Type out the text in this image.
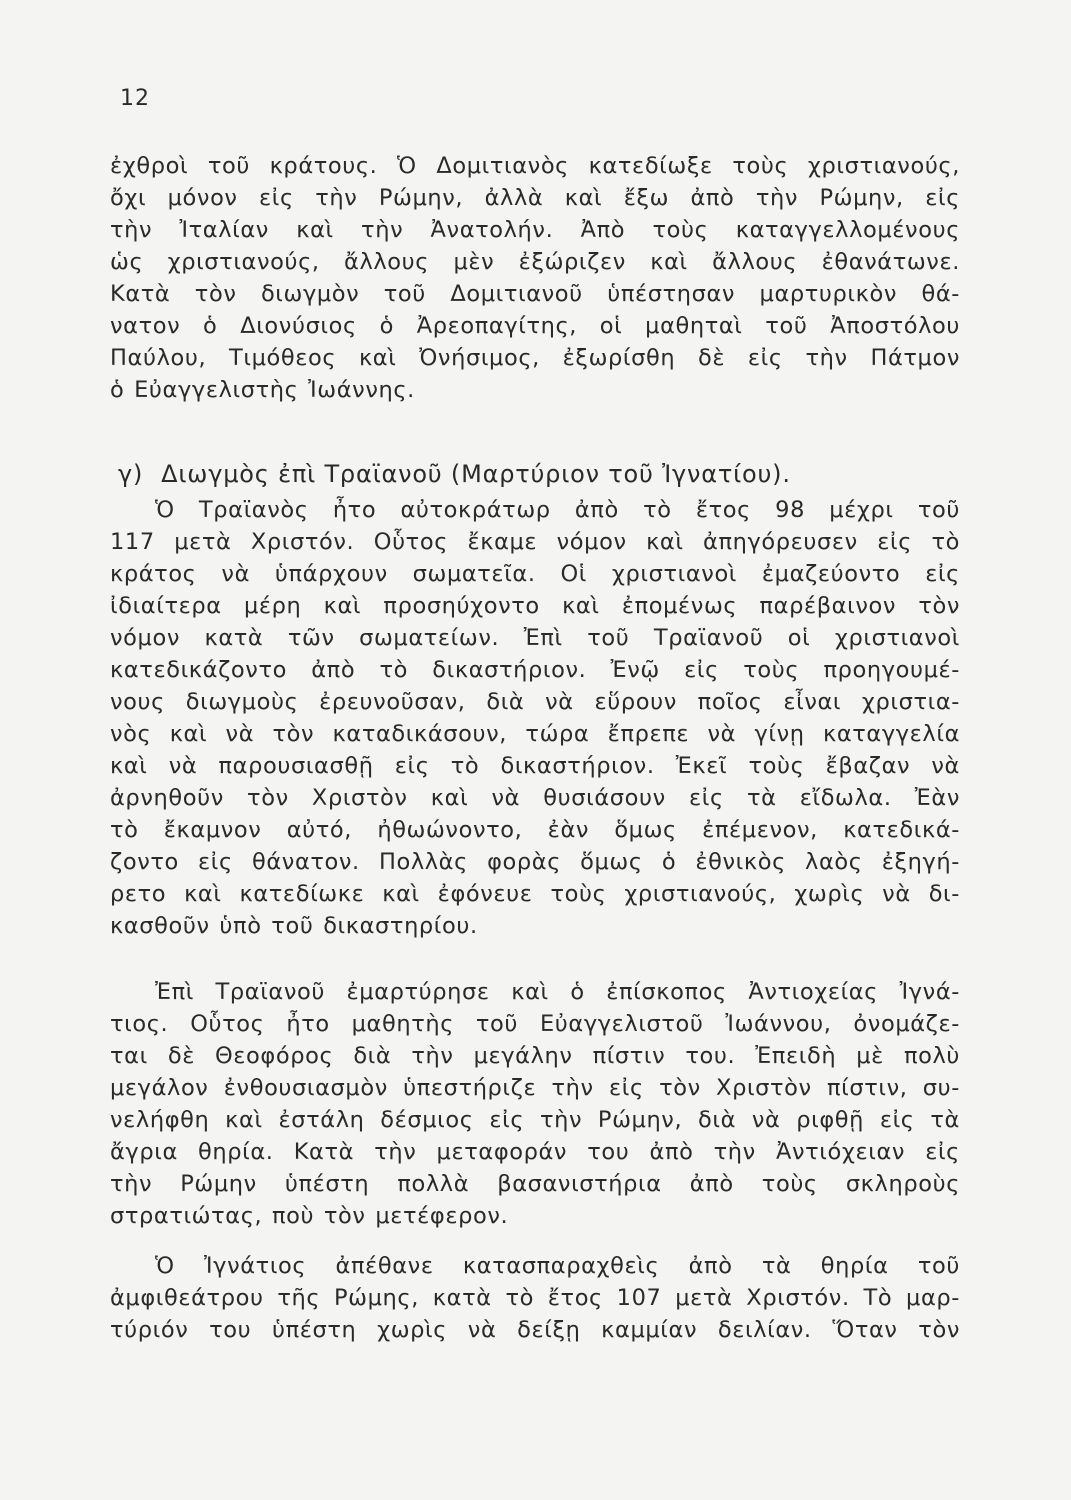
12
ἐχθροὶ τοῦ κράτους. Ὁ Δομιτιανὸς κατεδίωξε τοὺς χριστιανούς,
ὄχι μόνον εἰς τὴν Ρώμην, ἀλλὰ καὶ ἔξω ἀπὸ τὴν Ρώμην, εἰς
τὴν Ἰταλίαν καὶ τὴν Ἀνατολήν. Ἀπὸ τοὺς καταγγελλομένους
ὡς χριστιανούς, ἄλλους μὲν ἐξώριζεν καὶ ἄλλους ἐθανάτωνε.
Κατὰ τὸν διωγμὸν τοῦ Δομιτιανοῦ ὑπέστησαν μαρτυρικὸν θά-
νατον ὁ Διονύσιος ὁ Ἀρεοπαγίτης, οἱ μαθηταὶ τοῦ Ἀποστόλου
Παύλου, Τιμόθεος καὶ Ὀνήσιμος, ἐξωρίσθη δὲ εἰς τὴν Πάτμον
ὁ Εὐαγγελιστὴς Ἰωάννης.
γ) Διωγμὸς ἐπὶ Τραϊανοῦ (Μαρτύριον τοῦ Ἰγνατίου).
Ὁ Τραϊανὸς ἦτο αὐτοκράτωρ ἀπὸ τὸ ἔτος 98 μέχρι τοῦ
117 μετὰ Χριστόν. Οὗτος ἔκαμε νόμον καὶ ἀπηγόρευσεν εἰς τὸ
κράτος νὰ ὑπάρχουν σωματεῖα. Οἱ χριστιανοὶ ἐμαζεύοντο εἰς
ἰδιαίτερα μέρη καὶ προσηύχοντο καὶ ἐπομένως παρέβαινον τὸν
νόμον κατὰ τῶν σωματείων. Ἐπὶ τοῦ Τραϊανοῦ οἱ χριστιανοὶ
κατεδικάζοντο ἀπὸ τὸ δικαστήριον. Ἐνῷ εἰς τοὺς προηγουμέ-
νους διωγμοὺς ἐρευνοῦσαν, διὰ νὰ εὕρουν ποῖος εἶναι χριστια-
νὸς καὶ νὰ τὸν καταδικάσουν, τώρα ἔπρεπε νὰ γίνῃ καταγγελία
καὶ νὰ παρουσιασθῇ εἰς τὸ δικαστήριον. Ἐκεῖ τοὺς ἔβαζαν νὰ
ἀρνηθοῦν τὸν Χριστὸν καὶ νὰ θυσιάσουν εἰς τὰ εἴδωλα. Ἐὰν
τὸ ἔκαμνον αὐτό, ἠθωώνοντο, ἐὰν ὅμως ἐπέμενον, κατεδικά-
ζοντο εἰς θάνατον. Πολλὰς φορὰς ὅμως ὁ ἐθνικὸς λαὸς ἐξηγή-
ρετο καὶ κατεδίωκε καὶ ἐφόνευε τοὺς χριστιανούς, χωρὶς νὰ δι-
κασθοῦν ὑπὸ τοῦ δικαστηρίου.
Ἐπὶ Τραϊανοῦ ἐμαρτύρησε καὶ ὁ ἐπίσκοπος Ἀντιοχείας Ἰγνά-
τιος. Οὗτος ἦτο μαθητὴς τοῦ Εὐαγγελιστοῦ Ἰωάννου, ὀνομάζε-
ται δὲ Θεοφόρος διὰ τὴν μεγάλην πίστιν του. Ἐπειδὴ μὲ πολὺ
μεγάλον ἐνθουσιασμὸν ὑπεστήριζε τὴν εἰς τὸν Χριστὸν πίστιν, συ-
νελήφθη καὶ ἐστάλη δέσμιος εἰς τὴν Ρώμην, διὰ νὰ ριφθῇ εἰς τὰ
ἄγρια θηρία. Κατὰ τὴν μεταφοράν του ἀπὸ τὴν Ἀντιόχειαν εἰς
τὴν Ρώμην ὑπέστη πολλὰ βασανιστήρια ἀπὸ τοὺς σκληροὺς
στρατιώτας, ποὺ τὸν μετέφερον.
Ὁ Ἰγνάτιος ἀπέθανε κατασπαραχθεὶς ἀπὸ τὰ θηρία τοῦ
ἀμφιθεάτρου τῆς Ρώμης, κατὰ τὸ ἔτος 107 μετὰ Χριστόν. Τὸ μαρ-
τύριόν του ὑπέστη χωρὶς νὰ δείξῃ καμμίαν δειλίαν. Ὅταν τὸν
